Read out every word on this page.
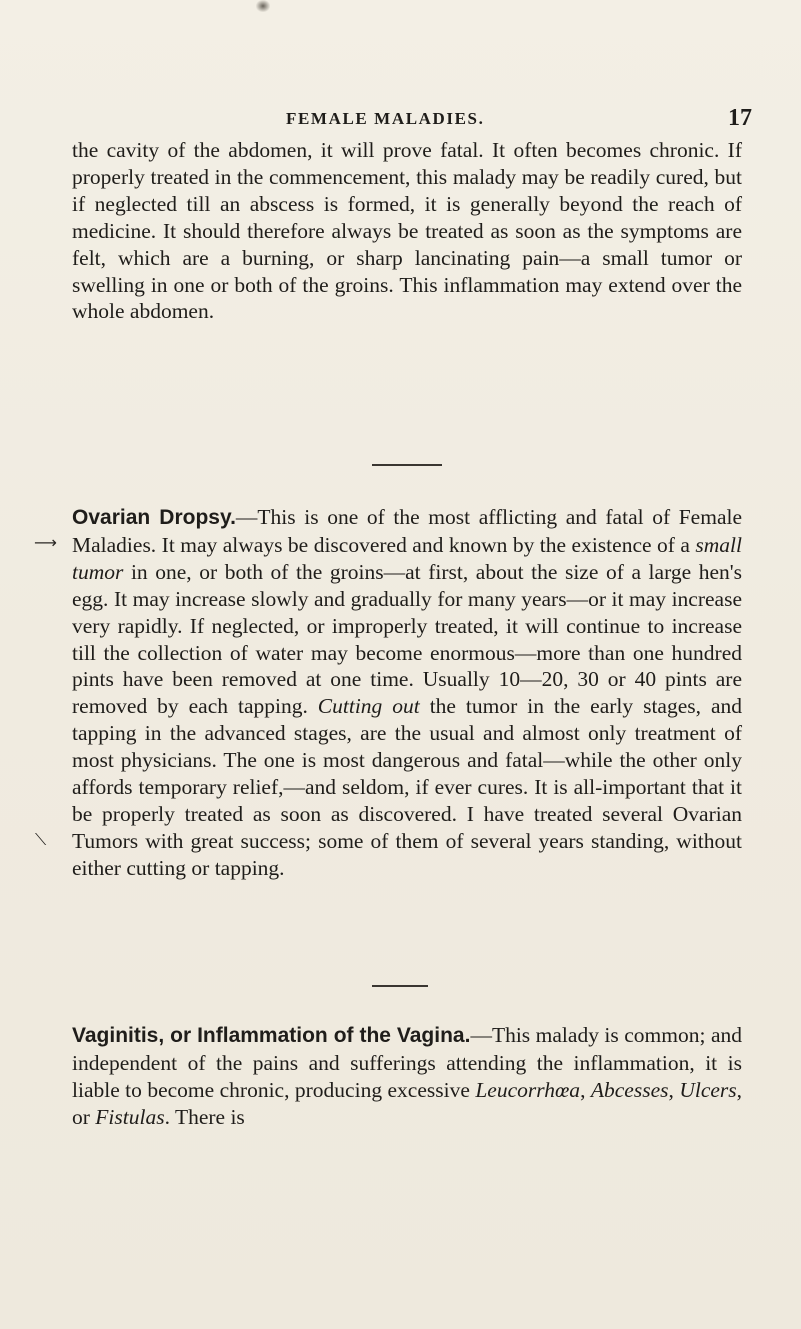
FEMALE MALADIES.	17

the cavity of the abdomen, it will prove fatal. It often becomes chronic. If properly treated in the commencement, this malady may be readily cured, but if neglected till an abscess is formed, it is generally beyond the reach of medicine. It should therefore always be treated as soon as the symptoms are felt, which are a burning, or sharp lancinating pain—a small tumor or swelling in one or both of the groins. This inflammation may extend over the whole abdomen.

Ovarian Dropsy.—This is one of the most afflicting and fatal of Female Maladies. It may always be discovered and known by the existence of a small tumor in one, or both of the groins—at first, about the size of a large hen's egg. It may increase slowly and gradually for many years—or it may increase very rapidly. If neglected, or improperly treated, it will continue to increase till the collection of water may become enormous—more than one hundred pints have been removed at one time. Usually 10—20, 30 or 40 pints are removed by each tapping. Cutting out the tumor in the early stages, and tapping in the advanced stages, are the usual and almost only treatment of most physicians. The one is most dangerous and fatal—while the other only affords temporary relief,—and seldom, if ever cures. It is all-important that it be properly treated as soon as discovered. I have treated several Ovarian Tumors with great success; some of them of several years standing, without either cutting or tapping.

Vaginitis, or Inflammation of the Vagina.—This malady is common; and independent of the pains and sufferings attending the inflammation, it is liable to become chronic, producing excessive Leucorrhœa, Abcesses, Ulcers, or Fistulas. There is

⟶
⟍
